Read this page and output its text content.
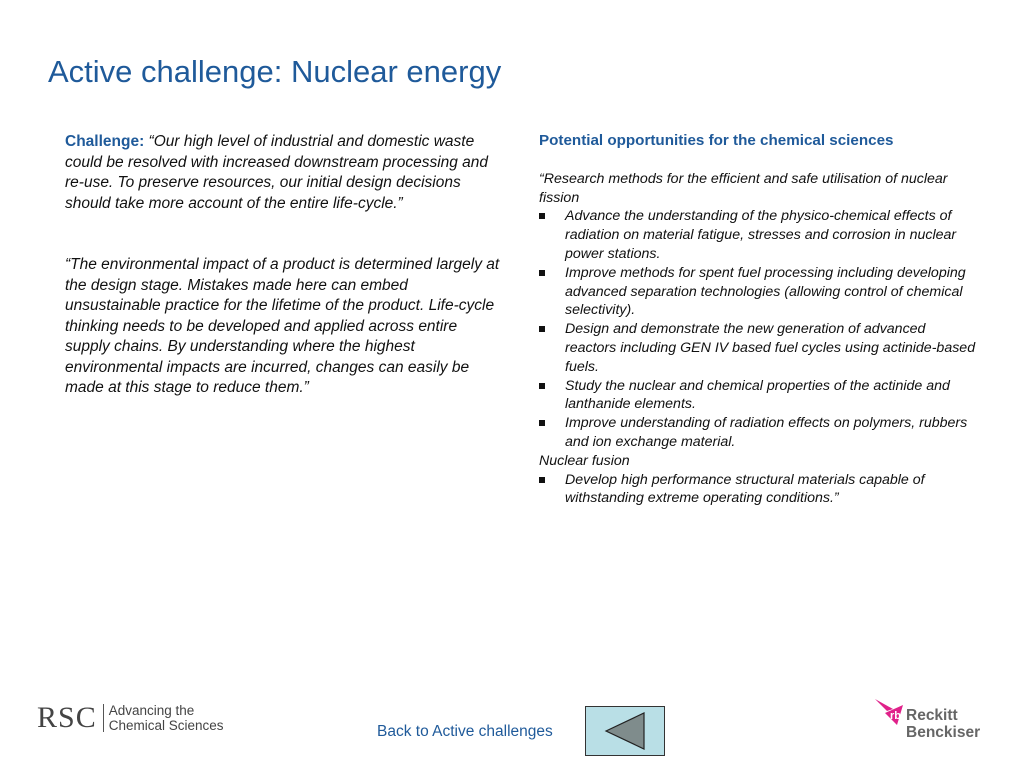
Active challenge: Nuclear energy

Challenge: “Our high level of industrial and domestic waste could be resolved with increased downstream processing and re-use. To preserve resources, our initial design decisions should take more account of the entire life-cycle.”

“The environmental impact of a product is determined largely at the design stage. Mistakes made here can embed unsustainable practice for the lifetime of the product. Life-cycle thinking needs to be developed and applied across entire supply chains. By understanding where the highest environmental impacts are incurred, changes can easily be made at this stage to reduce them.”

Potential opportunities for the chemical sciences

“Research methods for the efficient and safe utilisation of nuclear fission

Advance the understanding of the physico-chemical effects of radiation on material fatigue, stresses and corrosion in nuclear power stations.
Improve methods for spent fuel processing including developing advanced separation technologies (allowing control of chemical selectivity).
Design and demonstrate the new generation of advanced reactors including GEN IV based fuel cycles using actinide-based fuels.
Study the nuclear and chemical properties of the actinide and lanthanide elements.
Improve understanding of radiation effects on polymers, rubbers and ion exchange material.

Nuclear fusion

Develop high performance structural materials capable of withstanding extreme operating conditions.”
RSC Advancing the
Chemical Sciences	Back to Active challenges
rb Reckitt
Benckiser
